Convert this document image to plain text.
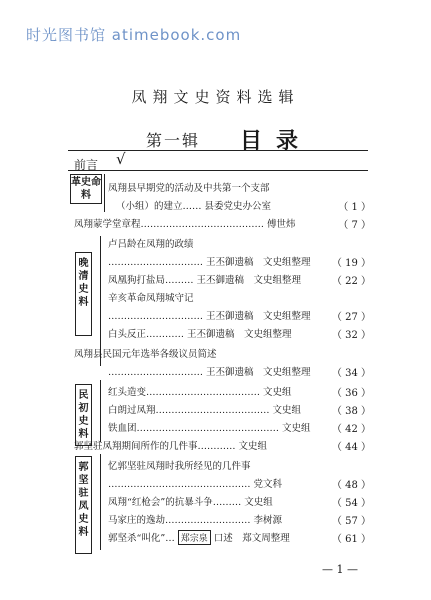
时光图书馆 atimebook.com
凤翔文史资料选辑
第一辑 目录
前言 √
革史命料
晚清史料
民初史料
郭坚驻凤史料
凤翔县早期党的活动及中共第一个支部
（小组）的建立…… 县委党史办公室	（ 1 ）
凤翔蒙学堂章程………………………………… 傅世炜	（ 7 ）
卢吕龄在凤翔的政绩
………………………… 王丕御遗稿　文史组整理 （ 19 ）
凤凰狗打盐局……… 王丕御遗稿　文史组整理	（ 22 ）
辛亥革命凤翔城守记
………………………… 王丕御遗稿　文史组整理 （ 27 ）
白头反正………… 王丕御遗稿　文史组整理	（ 32 ）
凤翔县民国元年选举各级议员简述
………………………… 王丕御遗稿　文史组整理 （ 34 ）
红头造变……………………………… 文史组	（ 36 ）
白朗过凤翔……………………………… 文史组	（ 38 ）
铁血团……………………………………… 文史组 （ 42 ）
郭坚驻凤翔期间所作的几件事………… 文史组	（ 44 ）
忆郭坚驻凤翔时我所经见的几件事
……………………………………… 党文科	（ 48 ）
凤翔“红枪会”的抗暴斗争……… 文史组	（ 54 ）
马家庄的逸劫……………………… 李树源	（ 57 ）
郭坚杀“叫化”… 郑宗泉 口述　郑文周整理	（ 61 ）
— 1 —
